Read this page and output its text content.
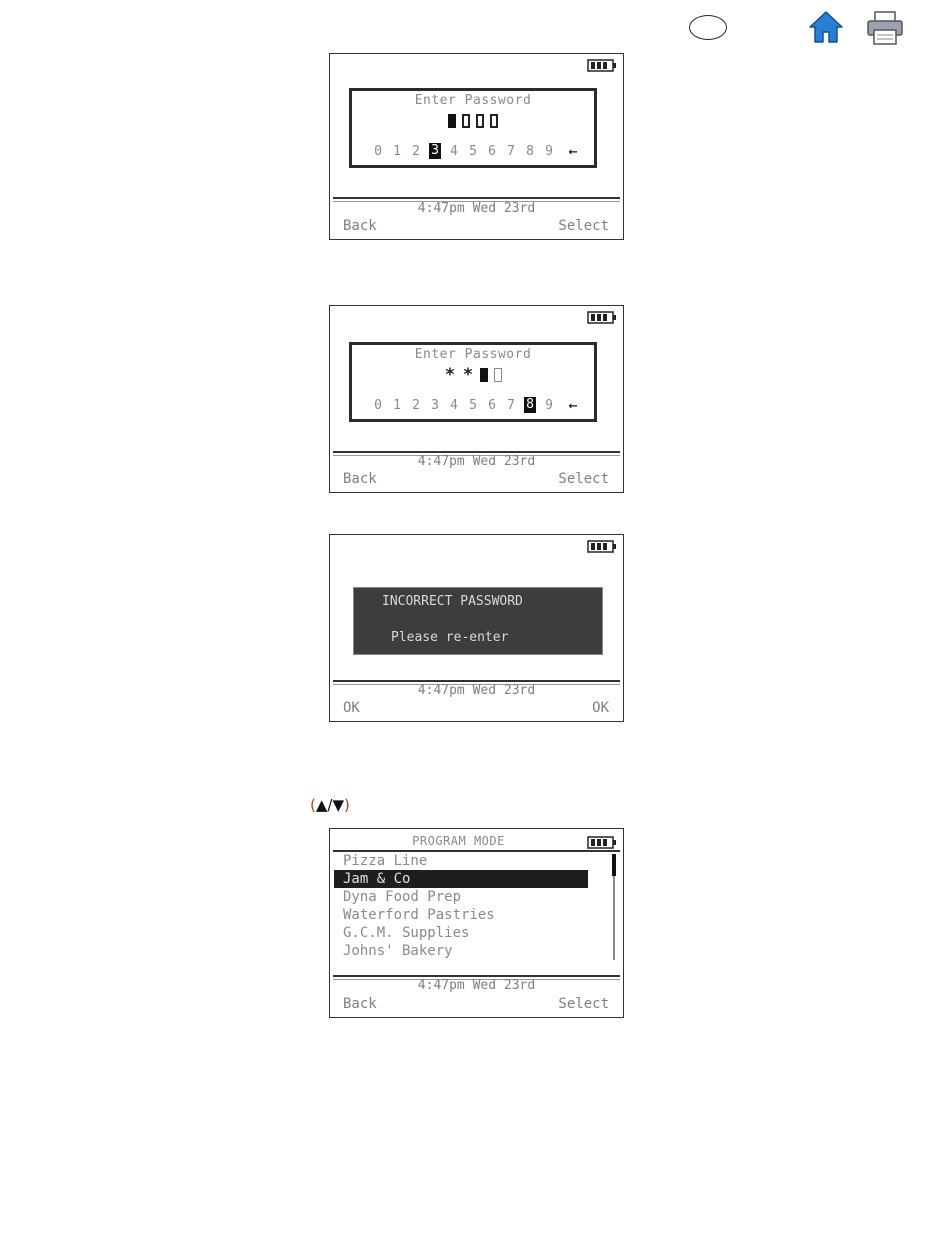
Enter Password
0 1 2 3 4 5 6 7 8 9	←
4:47pm Wed 23rd
Back	Select
Enter Password
* *
0 1 2 3 4 5 6 7 8 9	←
4:47pm Wed 23rd
Back	Select
INCORRECT PASSWORD
Please re-enter
4:47pm Wed 23rd
OK	OK
(▲/▼)
PROGRAM MODE
Pizza Line
Jam & Co
Dyna Food Prep
Waterford Pastries
G.C.M. Supplies
Johns' Bakery
4:47pm Wed 23rd
Back	Select
